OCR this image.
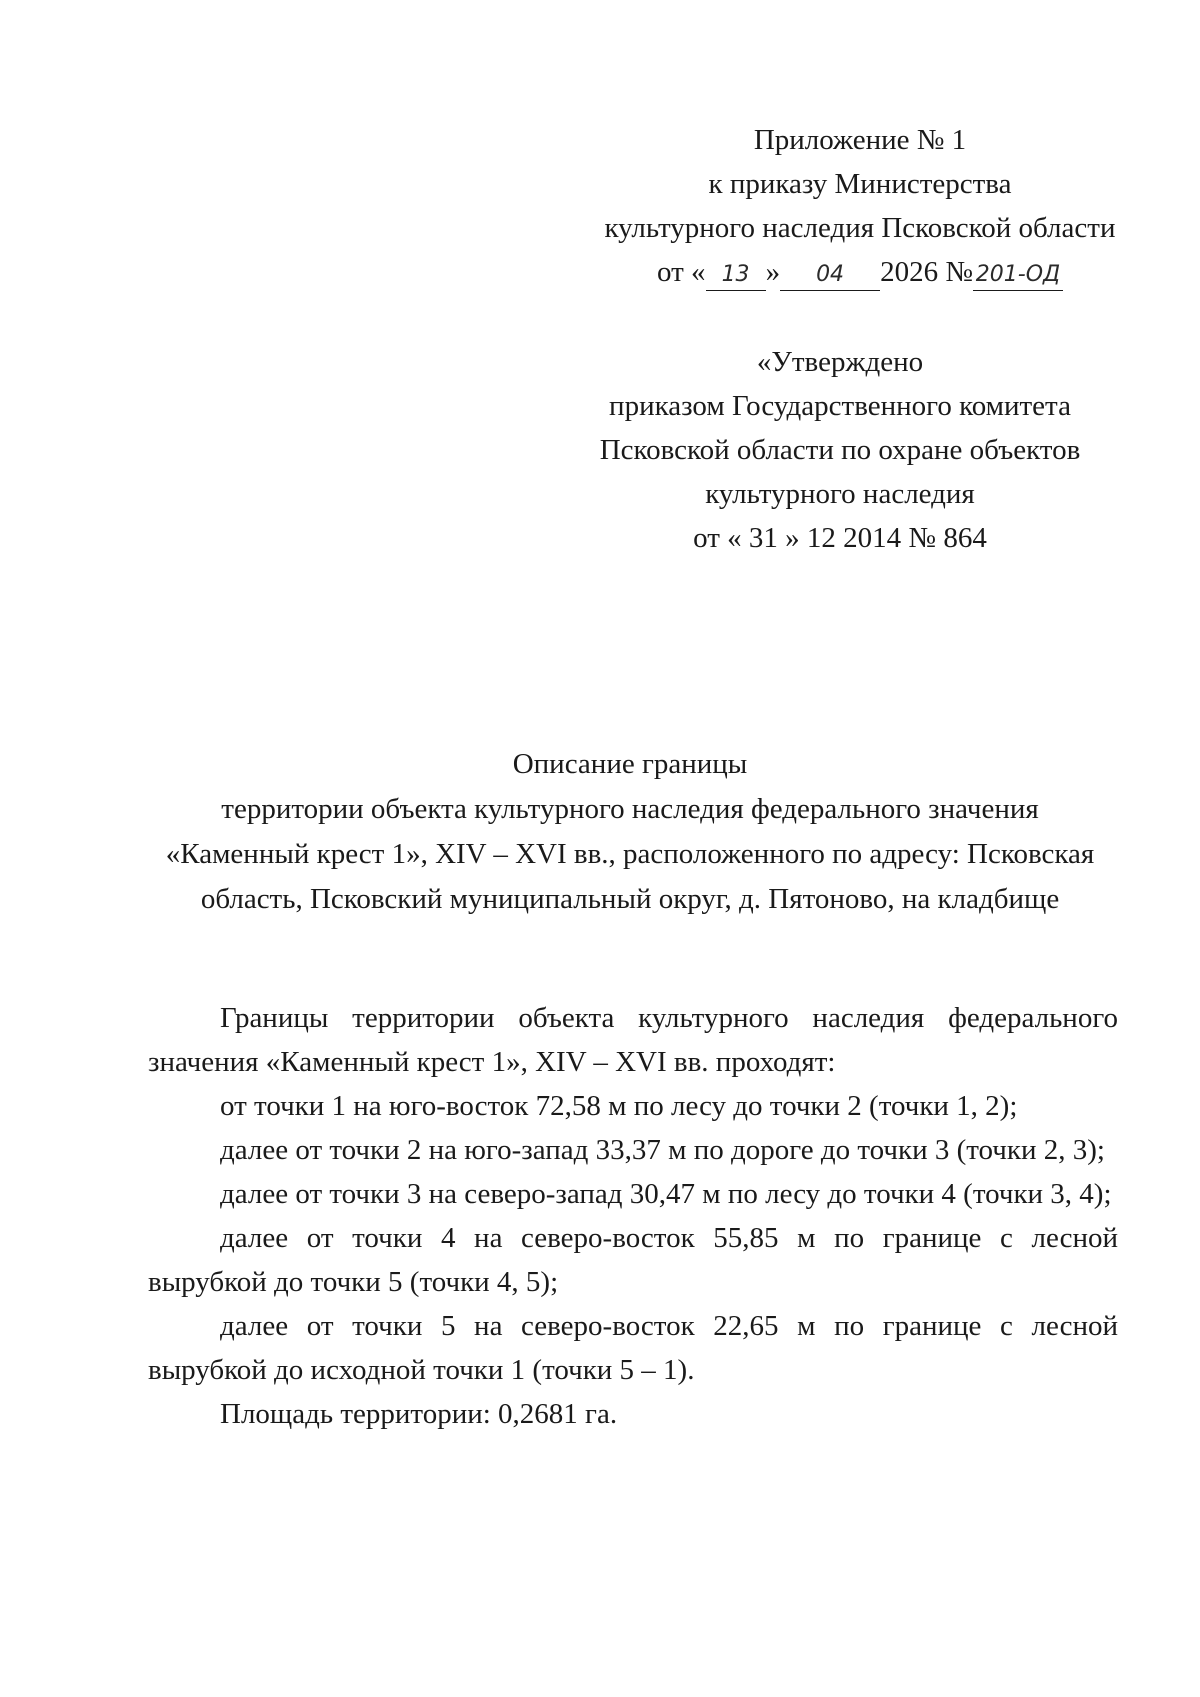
Приложение № 1
к приказу Министерства
культурного наследия Псковской области
от « 13 » 04 2026 № 201-ОД
«Утверждено
приказом Государственного комитета
Псковской области по охране объектов
культурного наследия
от « 31 » 12 2014 № 864
Описание границы
территории объекта культурного наследия федерального значения
«Каменный крест 1», XIV – XVI вв., расположенного по адресу: Псковская
область, Псковский муниципальный округ, д. Пятоново, на кладбище

Границы территории объекта культурного наследия федерального значения «Каменный крест 1», XIV – XVI вв. проходят:

от точки 1 на юго-восток 72,58 м по лесу до точки 2 (точки 1, 2);

далее от точки 2 на юго-запад 33,37 м по дороге до точки 3 (точки 2, 3);

далее от точки 3 на северо-запад 30,47 м по лесу до точки 4 (точки 3, 4);

далее от точки 4 на северо-восток 55,85 м по границе с лесной вырубкой до точки 5 (точки 4, 5);

далее от точки 5 на северо-восток 22,65 м по границе с лесной вырубкой до исходной точки 1 (точки 5 – 1).

Площадь территории: 0,2681 га.
